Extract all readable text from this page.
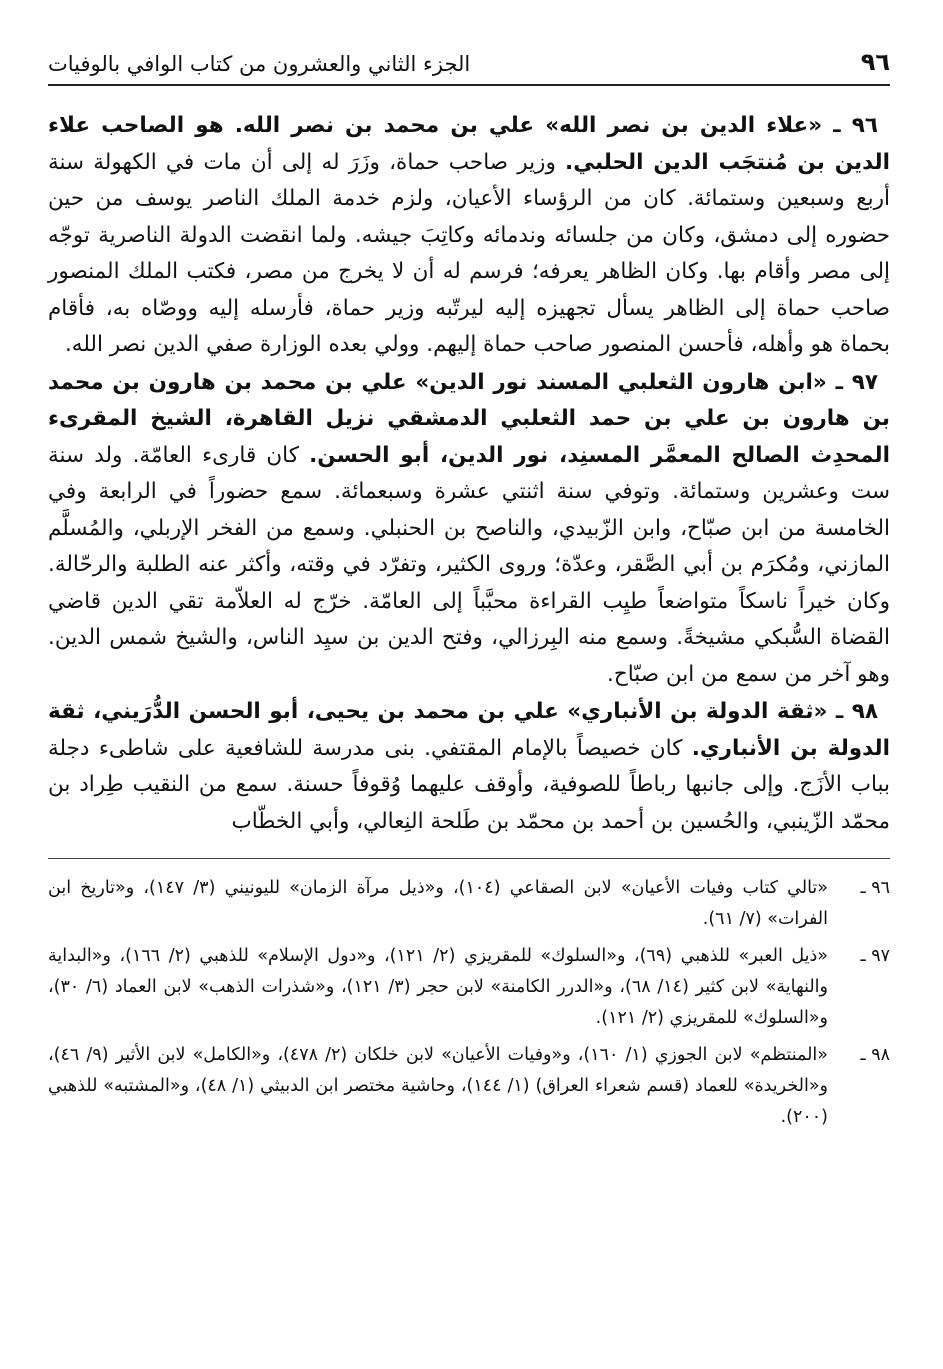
٩٦
الجزء الثاني والعشرون من كتاب الوافي بالوفيات

٩٦ ـ «علاء الدين بن نصر الله» علي بن محمد بن نصر الله. هو الصاحب علاء الدين بن مُنتجَب الدين الحلبي. وزير صاحب حماة، وزَرَ له إلى أن مات في الكهولة سنة أربع وسبعين وستمائة. كان من الرؤساء الأعيان، ولزم خدمة الملك الناصر يوسف من حين حضوره إلى دمشق، وكان من جلسائه وندمائه وكاتِبَ جيشه. ولما انقضت الدولة الناصرية توجّه إلى مصر وأقام بها. وكان الظاهر يعرفه؛ فرسم له أن لا يخرج من مصر، فكتب الملك المنصور صاحب حماة إلى الظاهر يسأل تجهيزه إليه ليرتّبه وزير حماة، فأرسله إليه ووصّاه به، فأقام بحماة هو وأهله، فأحسن المنصور صاحب حماة إليهم. وولي بعده الوزارة صفي الدين نصر الله.

٩٧ ـ «ابن هارون الثعلبي المسند نور الدين» علي بن محمد بن هارون بن محمد بن هارون بن علي بن حمد الثعلبي الدمشقي نزيل القاهرة، الشيخ المقرىء المحدِث الصالح المعمَّر المسنِد، نور الدين، أبو الحسن. كان قارىء العامّة. ولد سنة ست وعشرين وستمائة. وتوفي سنة اثنتي عشرة وسبعمائة. سمع حضوراً في الرابعة وفي الخامسة من ابن صبّاح، وابن الزّبيدي، والناصح بن الحنبلي. وسمع من الفخر الإربلي، والمُسلَّم المازني، ومُكرَم بن أبي الصَّقر، وعدّة؛ وروى الكثير، وتفرّد في وقته، وأكثر عنه الطلبة والرحّالة. وكان خيراً ناسكاً متواضعاً طيِب القراءة محبَّباً إلى العامّة. خرّج له العلاّمة تقي الدين قاضي القضاة السُّبكي مشيخةً. وسمع منه البِرزالي، وفتح الدين بن سيِد الناس، والشيخ شمس الدين. وهو آخر من سمع من ابن صبّاح.

٩٨ ـ «ثقة الدولة بن الأنباري» علي بن محمد بن يحيى، أبو الحسن الدُّرَيني، ثقة الدولة بن الأنباري. كان خصيصاً بالإمام المقتفي. بنى مدرسة للشافعية على شاطىء دجلة بباب الأزَج. وإلى جانبها رباطاً للصوفية، وأوقف عليهما وُقوفاً حسنة. سمع من النقيب طِراد بن محمّد الزّينبي، والحُسين بن أحمد بن محمّد بن طَلحة النِعالي، وأبي الخطّاب

٩٦ ـ
«تالي كتاب وفيات الأعيان» لابن الصقاعي (١٠٤)، و«ذيل مرآة الزمان» لليونيني (٣/ ١٤٧)، و«تاريخ ابن الفرات» (٧/ ٦١).
٩٧ ـ
«ذيل العبر» للذهبي (٦٩)، و«السلوك» للمقريزي (٢/ ١٢١)، و«دول الإسلام» للذهبي (٢/ ١٦٦)، و«البداية والنهاية» لابن كثير (١٤/ ٦٨)، و«الدرر الكامنة» لابن حجر (٣/ ١٢١)، و«شذرات الذهب» لابن العماد (٦/ ٣٠)، و«السلوك» للمقريزي (٢/ ١٢١).
٩٨ ـ
«المنتظم» لابن الجوزي (١/ ١٦٠)، و«وفيات الأعيان» لابن خلكان (٢/ ٤٧٨)، و«الكامل» لابن الأثير (٩/ ٤٦)، و«الخريدة» للعماد (قسم شعراء العراق) (١/ ١٤٤)، وحاشية مختصر ابن الدبيثي (١/ ٤٨)، و«المشتبه» للذهبي (٢٠٠).
